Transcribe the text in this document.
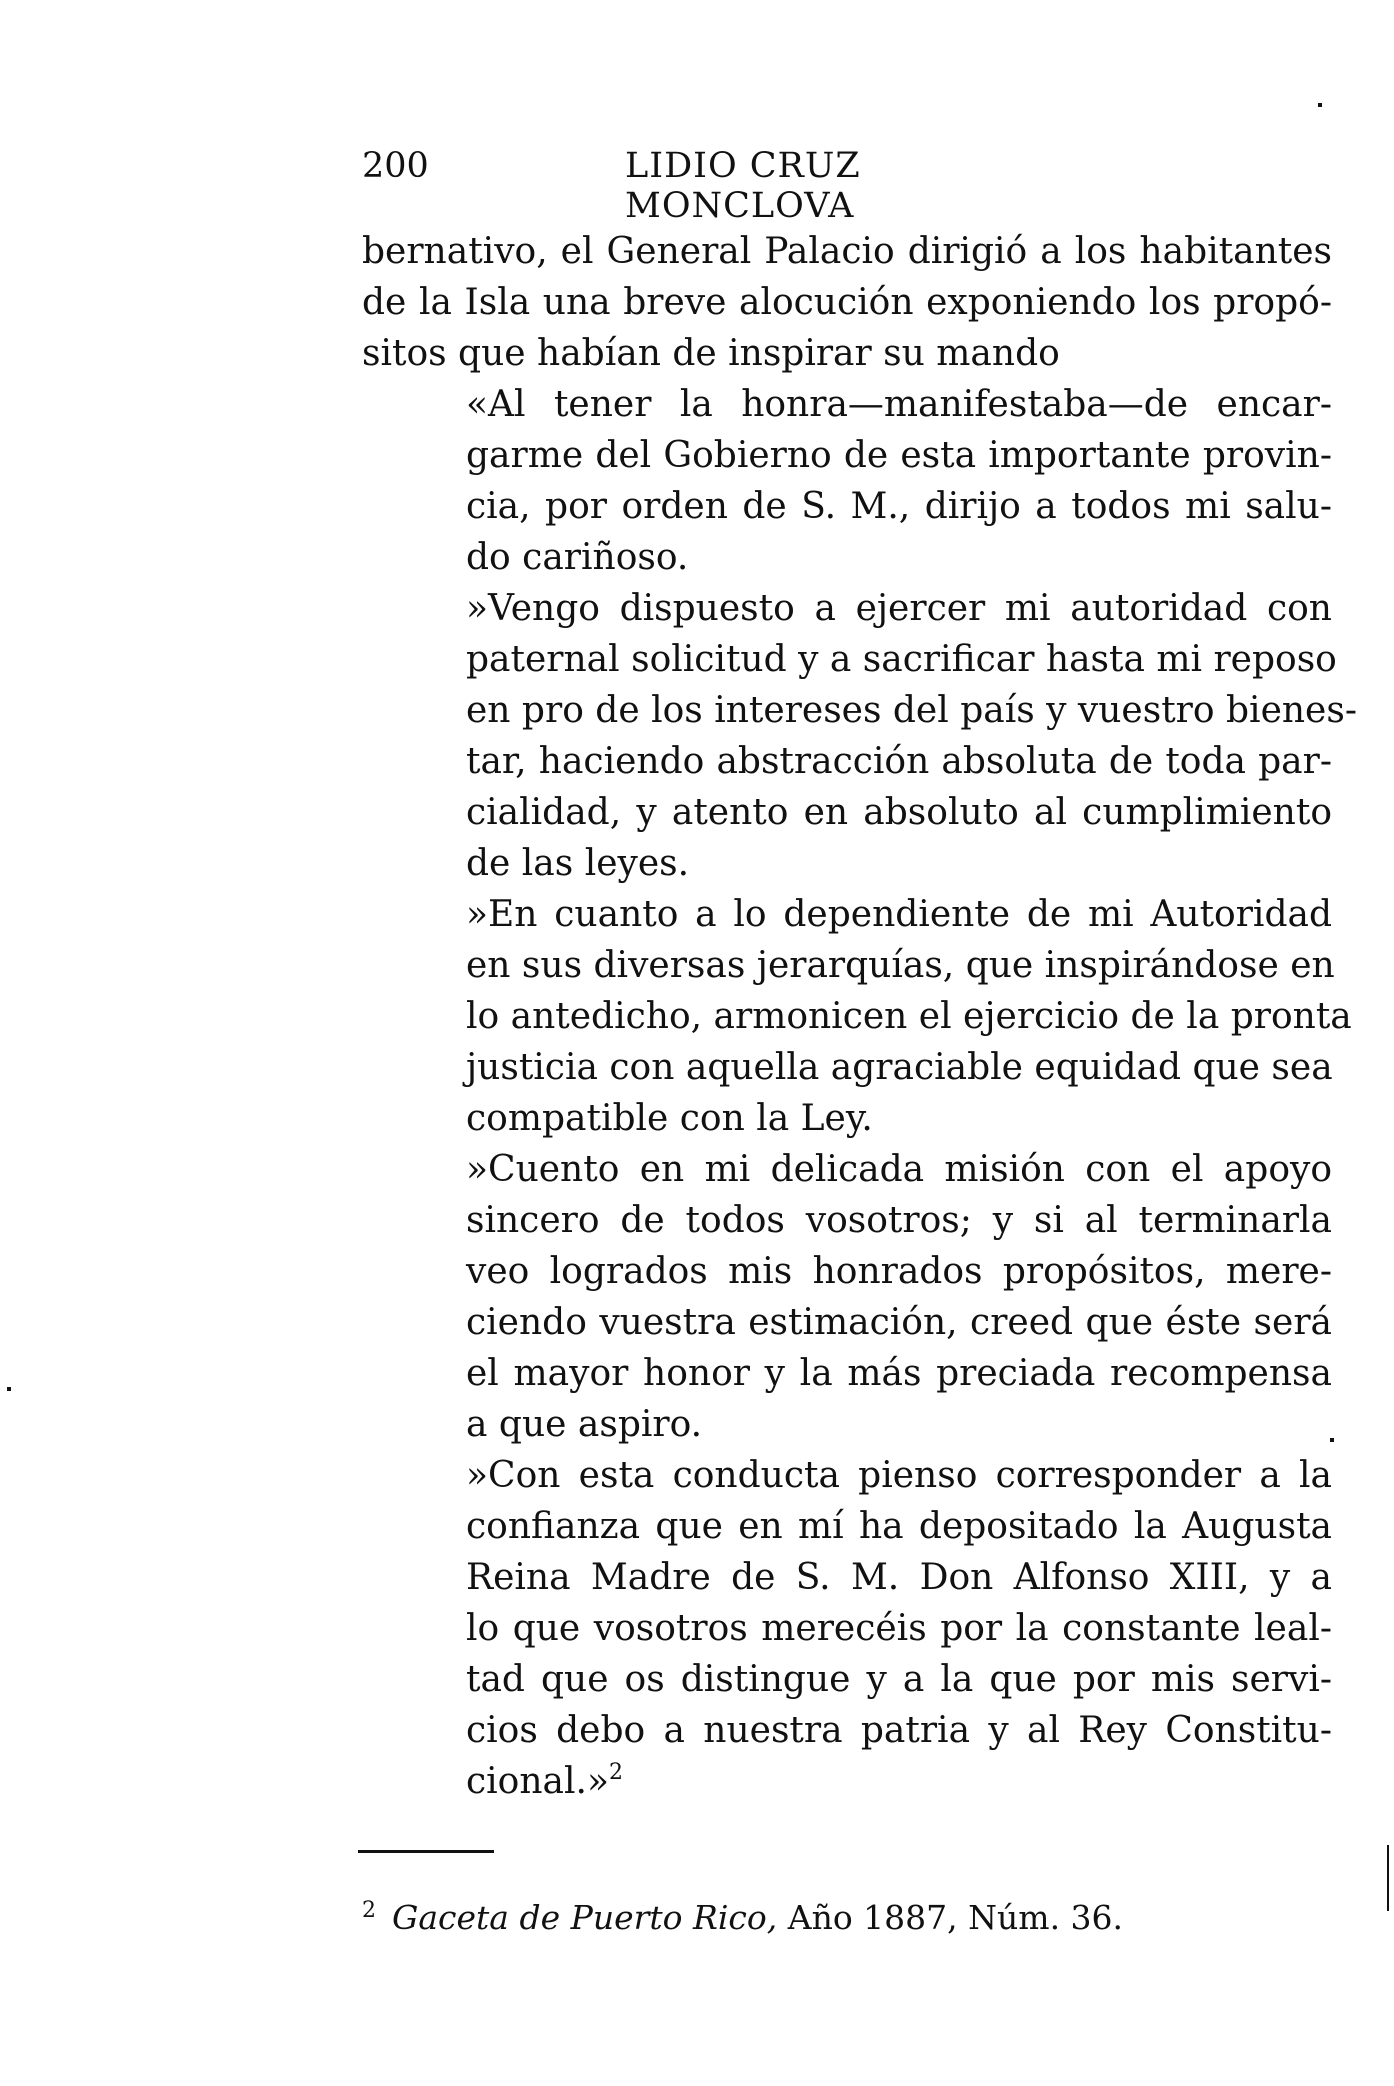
200	LIDIO CRUZ MONCLOVA
bernativo, el General Palacio dirigió a los habitantes
de la Isla una breve alocución exponiendo los propó-
sitos que habían de inspirar su mando
«Al tener la honra—manifestaba—de encar-
garme del Gobierno de esta importante provin-
cia, por orden de S. M., dirijo a todos mi salu-
do cariñoso.
»Vengo dispuesto a ejercer mi autoridad con
paternal solicitud y a sacrificar hasta mi reposo
en pro de los intereses del país y vuestro bienes-
tar, haciendo abstracción absoluta de toda par-
cialidad, y atento en absoluto al cumplimiento
de las leyes.
»En cuanto a lo dependiente de mi Autoridad
en sus diversas jerarquías, que inspirándose en
lo antedicho, armonicen el ejercicio de la pronta
justicia con aquella agraciable equidad que sea
compatible con la Ley.
»Cuento en mi delicada misión con el apoyo
sincero de todos vosotros; y si al terminarla
veo logrados mis honrados propósitos, mere-
ciendo vuestra estimación, creed que éste será
el mayor honor y la más preciada recompensa
a que aspiro.
»Con esta conducta pienso corresponder a la
confianza que en mí ha depositado la Augusta
Reina Madre de S. M. Don Alfonso XIII, y a
lo que vosotros merecéis por la constante leal-
tad que os distingue y a la que por mis servi-
cios debo a nuestra patria y al Rey Constitu-
cional.»$^2$
$^2$ Gaceta de Puerto Rico, Año 1887, Núm. 36.
